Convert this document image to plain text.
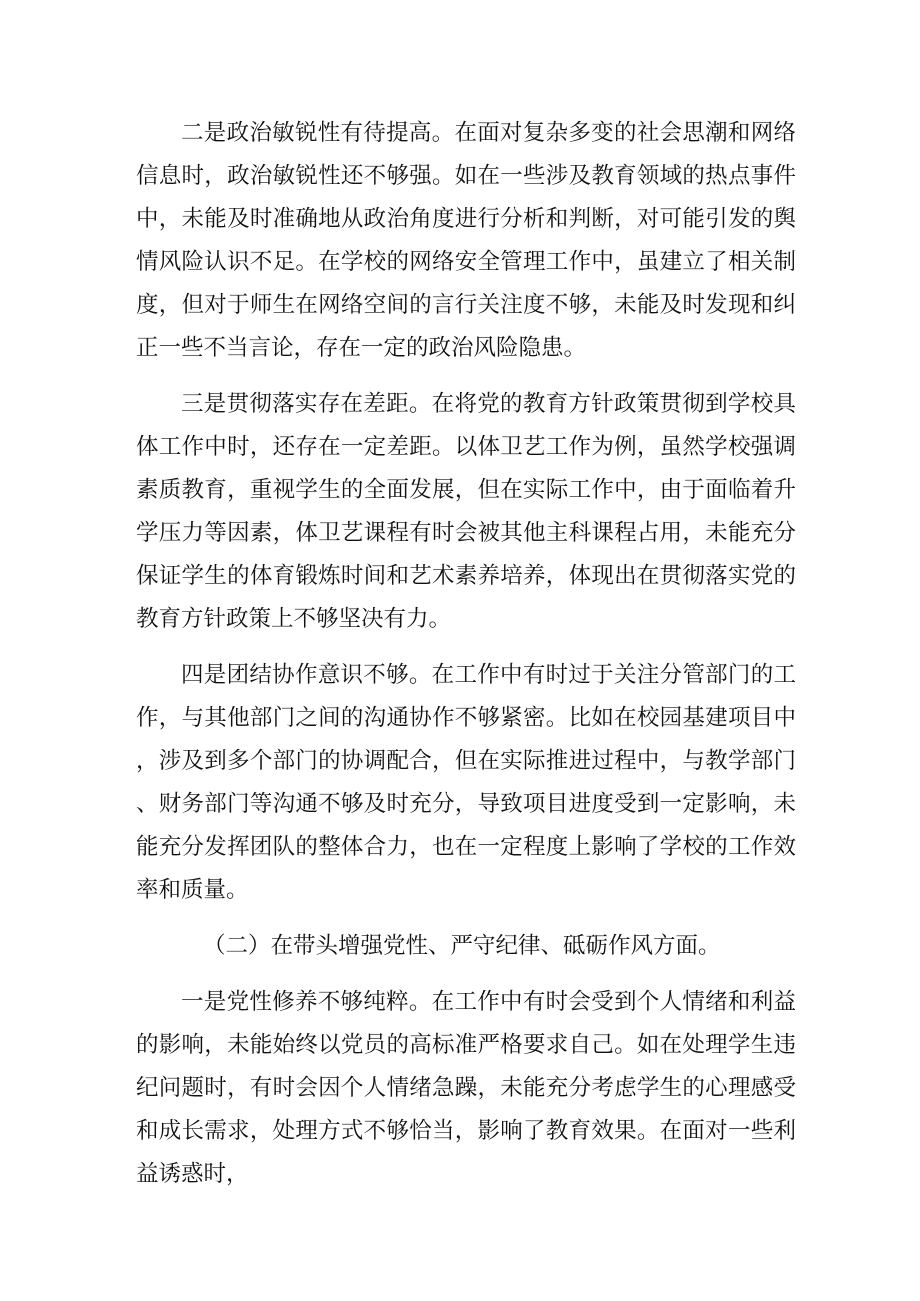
二是政治敏锐性有待提高。在面对复杂多变的社会思潮和网络信息时，政治敏锐性还不够强。如在一些涉及教育领域的热点事件中，未能及时准确地从政治角度进行分析和判断，对可能引发的舆情风险认识不足。在学校的网络安全管理工作中，虽建立了相关制度，但对于师生在网络空间的言行关注度不够，未能及时发现和纠正一些不当言论，存在一定的政治风险隐患。

三是贯彻落实存在差距。在将党的教育方针政策贯彻到学校具体工作中时，还存在一定差距。以体卫艺工作为例，虽然学校强调素质教育，重视学生的全面发展，但在实际工作中，由于面临着升学压力等因素，体卫艺课程有时会被其他主科课程占用，未能充分保证学生的体育锻炼时间和艺术素养培养，体现出在贯彻落实党的教育方针政策上不够坚决有力。

四是团结协作意识不够。在工作中有时过于关注分管部门的工作，与其他部门之间的沟通协作不够紧密。比如在校园基建项目中，涉及到多个部门的协调配合，但在实际推进过程中，与教学部门、财务部门等沟通不够及时充分，导致项目进度受到一定影响，未能充分发挥团队的整体合力，也在一定程度上影响了学校的工作效率和质量。

（二）在带头增强党性、严守纪律、砥砺作风方面。

一是党性修养不够纯粹。在工作中有时会受到个人情绪和利益的影响，未能始终以党员的高标准严格要求自己。如在处理学生违纪问题时，有时会因个人情绪急躁，未能充分考虑学生的心理感受和成长需求，处理方式不够恰当，影响了教育效果。在面对一些利益诱惑时，
